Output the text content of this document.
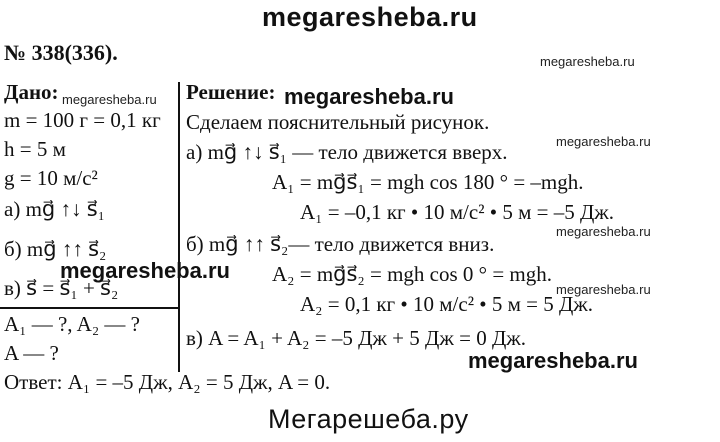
megaresheba.ru
№ 338(336).	megaresheba.ru
Дано: megaresheba.ru
m = 100 г = 0,1 кг
h = 5 м
g = 10 м/с²
а) mg⃗ ↑↓ s⃗₁
б) mg⃗ ↑↑ s⃗₂
в) s⃗ = s⃗₁ + s⃗₂
A₁ — ?, A₂ — ?
A — ?
Решение: megaresheba.ru
Сделаем пояснительный рисунок.
megaresheba.ru
а) mg⃗ ↑↓ s⃗₁ — тело движется вверх.
A₁ = mg⃗s⃗₁ = mgh cos 180 ° = –mgh.
A₁ = –0,1 кг • 10 м/с² • 5 м = –5 Дж.
megaresheba.ru
б) mg⃗ ↑↑ s⃗₂— тело движется вниз.
megaresheba.ru A₂ = mg⃗s⃗₂ = mgh cos 0 ° = mgh.
megaresheba.ru
A₂ = 0,1 кг • 10 м/с² • 5 м = 5 Дж.
в) A = A₁ + A₂ = –5 Дж + 5 Дж = 0 Дж.
megaresheba.ru
Ответ: A₁ = –5 Дж, A₂ = 5 Дж, A = 0.
Мегарешеба.ру
